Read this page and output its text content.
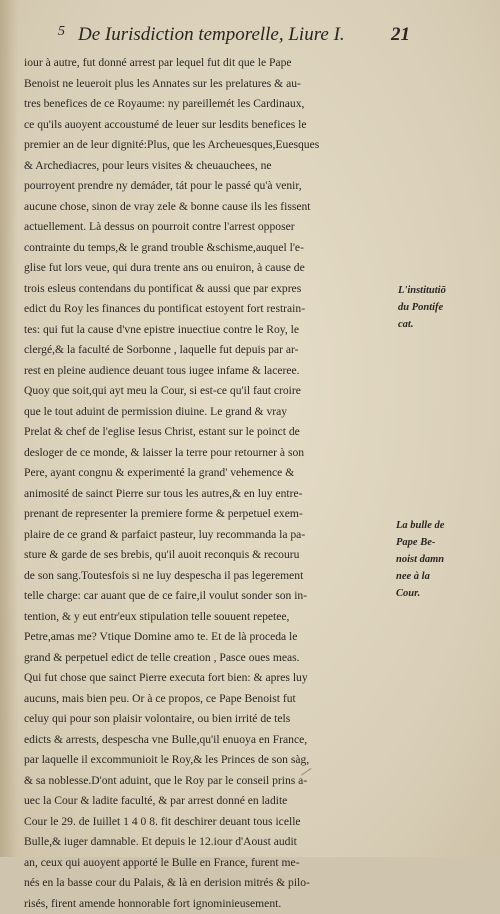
5 De Iurisdiction temporelle, Liure I. 21
iour à autre, fut donné arrest par lequel fut dit que le Pape
Benoist ne leueroit plus les Annates sur les prelatures & au-
tres benefices de ce Royaume: ny pareillemét les Cardinaux,
ce qu'ils auoyent accoustumé de leuer sur lesdits benefices le
premier an de leur dignité:Plus, que les Archeuesques,Euesques
& Archediacres, pour leurs visites & cheuauchees, ne
pourroyent prendre ny demáder, tát pour le passé qu'à venir,
aucune chose, sinon de vray zele & bonne cause ils les fissent
actuellement. Là dessus on pourroit contre l'arrest opposer
contrainte du temps,& le grand trouble &schisme,auquel l'e-
glise fut lors veue, qui dura trente ans ou enuiron, à cause de
trois esleus contendans du pontificat & aussi que par expres
edict du Roy les finances du pontificat estoyent fort restrain-
tes: qui fut la cause d'vne epistre inuectiue contre le Roy, le
clergé,& la faculté de Sorbonne , laquelle fut depuis par ar-
rest en pleine audience deuant tous iugee infame & laceree.
Quoy que soit,qui ayt meu la Cour, si est-ce qu'il faut croire
que le tout aduint de permission diuine. Le grand & vray
Prelat & chef de l'eglise Iesus Christ, estant sur le poinct de
desloger de ce monde, & laisser la terre pour retourner à son
Pere, ayant congnu & experimenté la grand' vehemence &
animosité de sainct Pierre sur tous les autres,& en luy entre-
prenant de representer la premiere forme & perpetuel exem-
plaire de ce grand & parfaict pasteur, luy recommanda la pa-
sture & garde de ses brebis, qu'il auoit reconquis & recouru
de son sang.Toutesfois si ne luy despescha il pas legerement
telle charge: car auant que de ce faire,il voulut sonder son in-
tention, & y eut entr'eux stipulation telle souuent repetee,
Petre,amas me? Vtique Domine amo te. Et de là proceda le
grand & perpetuel edict de telle creation , Pasce oues meas.
Qui fut chose que sainct Pierre executa fort bien: & apres luy
aucuns, mais bien peu. Or à ce propos, ce Pape Benoist fut
celuy qui pour son plaisir volontaire, ou bien irrité de tels
edicts & arrests, despescha vne Bulle,qu'il enuoya en France,
par laquelle il excommunioit le Roy,& les Princes de son sàg,
& sa noblesse.D'ont aduint, que le Roy par le conseil prins a-
uec la Cour & ladite faculté, & par arrest donné en ladite
Cour le 29. de Iuillet 1 4 0 8. fit deschirer deuant tous icelle
Bulle,& iuger damnable. Et depuis le 12.iour d'Aoust audit
an, ceux qui auoyent apporté le Bulle en France, furent me-
nés en la basse cour du Palais, & là en derision mitrés & pilo-
risés, firent amende honnorable fort ignominieusement.
L'institutiō
du Pontife
cat.
La bulle de
Pape Be-
noist damn
nee à la
Cour.
